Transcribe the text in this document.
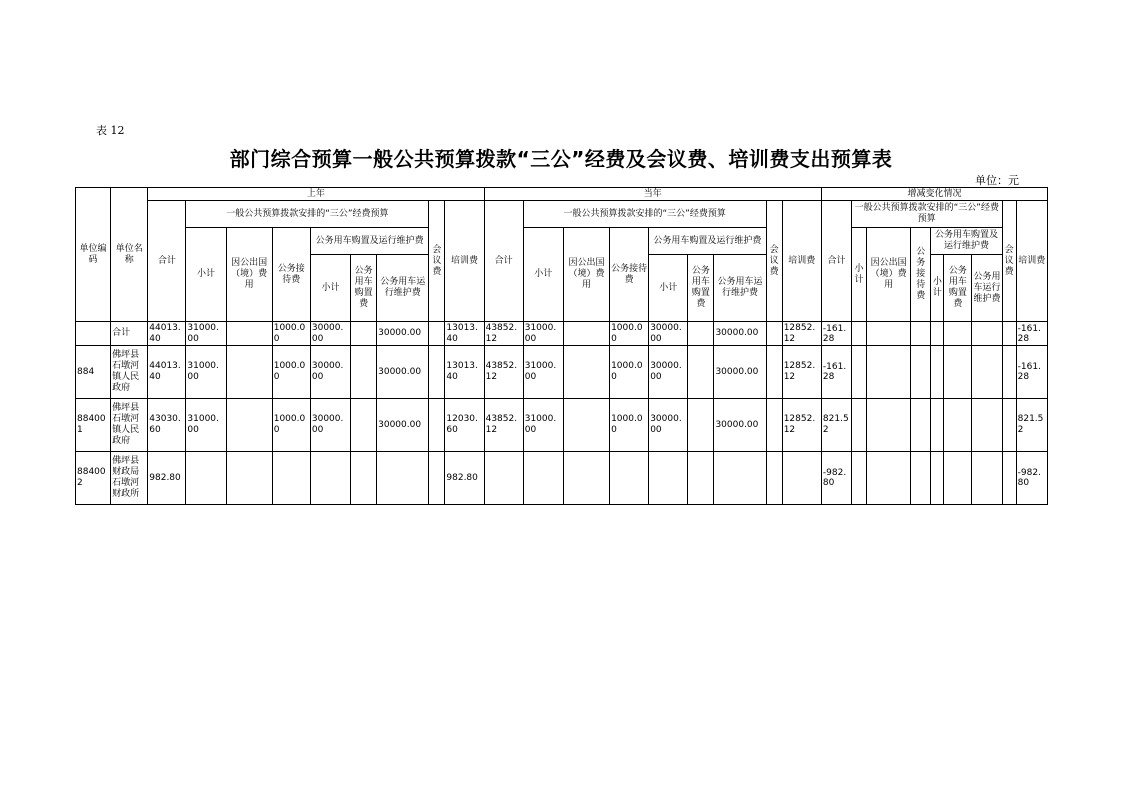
表 12
部门综合预算一般公共预算拨款“三公”经费及会议费、培训费支出预算表
单位：元
单位编码	单位名称	上年									当年									增减变化情况								
		合计	一般公共预算拨款安排的“三公”经费预算						会议费	培训费	合计	一般公共预算拨款安排的“三公”经费预算						会议费	培训费	合计	一般公共预算拨款安排的“三公”经费预算						会议费	培训费
			小计	因公出国（境）费用	公务接待费	公务用车购置及运行维护费						小计	因公出国（境）费用	公务接待费	公务用车购置及运行维护费						小计	因公出国（境）费用	公务接待费	公务用车购置及运行维护费				
						小计	公务用车购置费	公务用车运行维护费							小计	公务用车购置费	公务用车运行维护费							小计	公务用车购置费	公务用车运行维护费		
	合计	44013.40	31000.00		1000.00	30000.00		30000.00		13013.40	43852.12	31000.00		1000.00	30000.00		30000.00		12852.12	-161.28								-161.28
884	佛坪县石墩河镇人民政府	44013.40	31000.00		1000.00	30000.00		30000.00		13013.40	43852.12	31000.00		1000.00	30000.00		30000.00		12852.12	-161.28								-161.28
884001	佛坪县石墩河镇人民政府	43030.60	31000.00		1000.00	30000.00		30000.00		12030.60	43852.12	31000.00		1000.00	30000.00		30000.00		12852.12	821.52								821.52
884002	佛坪县财政局石墩河财政所	982.80								982.80										-982.80								-982.80
